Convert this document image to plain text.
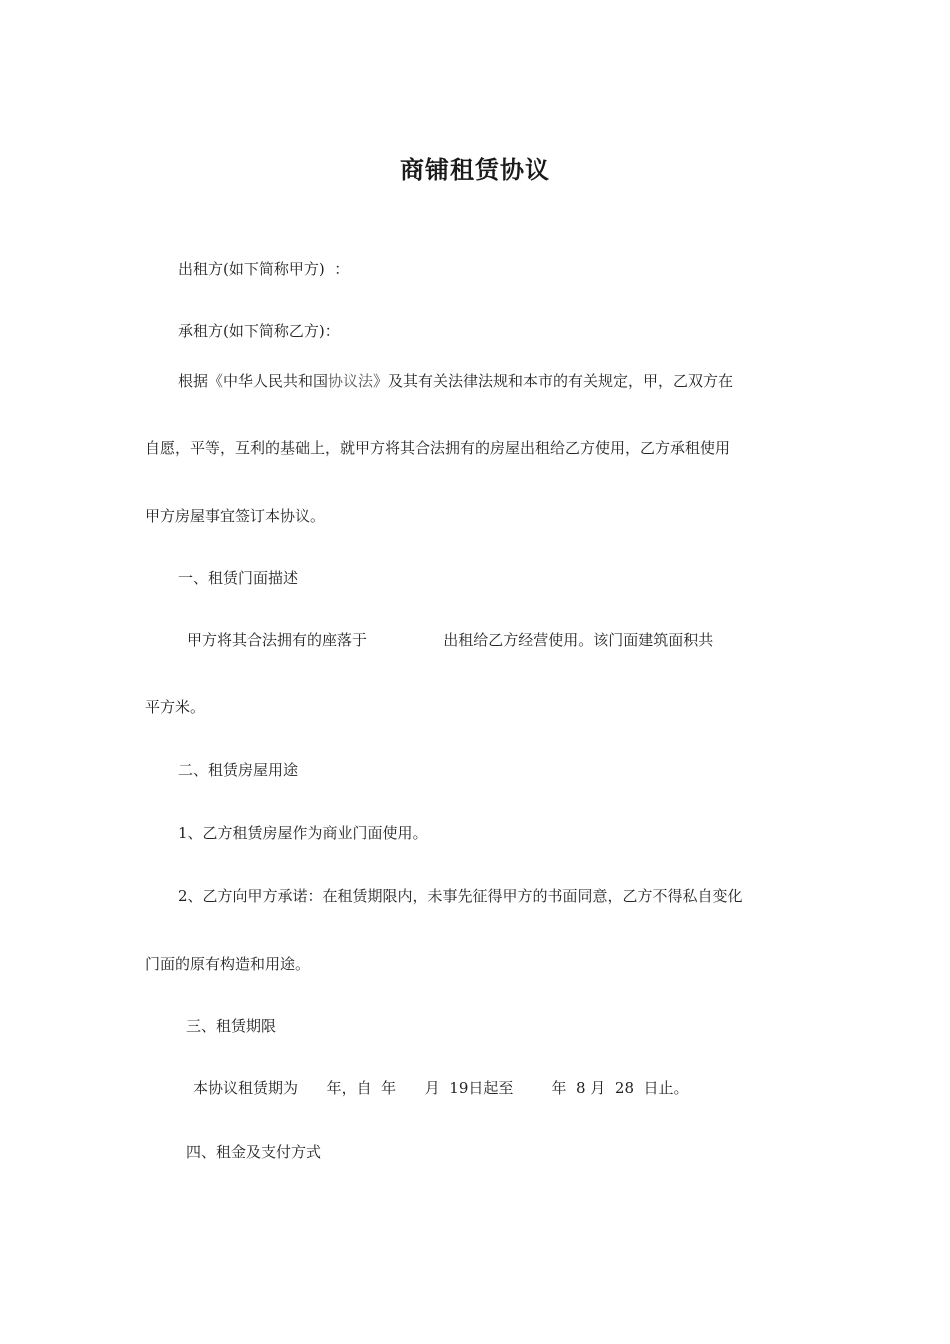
商铺租赁协议
出租方(如下简称甲方)  ：
承租方(如下简称乙方)：
根据《中华人民共和国协议法》及其有关法律法规和本市的有关规定，甲，乙双方在
自愿，平等，互利的基础上，就甲方将其合法拥有的房屋出租给乙方使用，乙方承租使用
甲方房屋事宜签订本协议。
一、租赁门面描述
甲方将其合法拥有的座落于                出租给乙方经营使用。该门面建筑面积共
平方米。
二、租赁房屋用途
1、乙方租赁房屋作为商业门面使用。
2、乙方向甲方承诺：在租赁期限内，未事先征得甲方的书面同意，乙方不得私自变化
门面的原有构造和用途。
三、租赁期限
本协议租赁期为      年，自  年      月  19日起至        年  8 月  28  日止。
四、租金及支付方式
